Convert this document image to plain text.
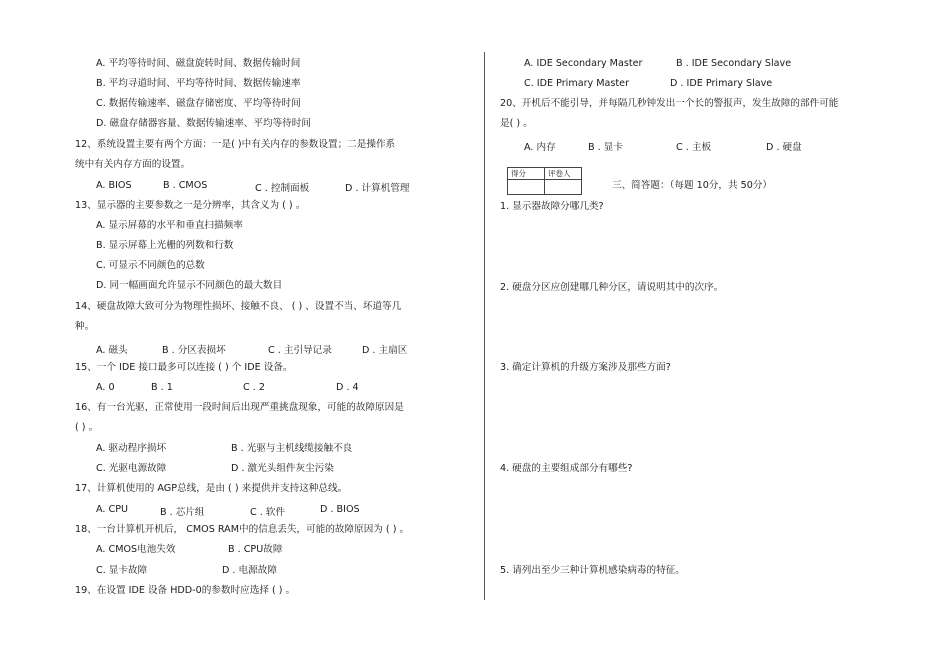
A. 平均等待时间、磁盘旋转时间、数据传输时间
B. 平均寻道时间、平均等待时间、数据传输速率
C. 数据传输速率、磁盘存储密度、平均等待时间
D. 磁盘存储器容量、数据传输速率、平均等待时间
12、系统设置主要有两个方面：一是( )中有关内存的参数设置；二是操作系
统中有关内存方面的设置。
A. BIOS	B . CMOS	C . 控制面板	D . 计算机管理
13、显示器的主要参数之一是分辨率，其含义为 ( ) 。
A. 显示屏幕的水平和垂直扫描频率
B. 显示屏幕上光栅的列数和行数
C. 可显示不同颜色的总数
D. 同一幅画面允许显示不同颜色的最大数目
14、硬盘故障大致可分为物理性损坏、接触不良、 ( ) 、设置不当、坏道等几
种。
A. 磁头	B . 分区表损坏	C . 主引导记录	D . 主扇区
15、一个 IDE 接口最多可以连接 ( ) 个 IDE 设备。
A. 0	B . 1	C . 2	D . 4
16、有一台光驱，正常使用一段时间后出现严重挑盘现象，可能的故障原因是
( ) 。
A. 驱动程序损坏	B . 光驱与主机线缆接触不良
C. 光驱电源故障	D . 激光头组件灰尘污染
17、计算机使用的 AGP总线，是由 ( ) 来提供并支持这种总线。
A. CPU	B . 芯片组	C . 软件	D . BIOS
18、一台计算机开机后， CMOS RAM中的信息丢失，可能的故障原因为 ( ) 。
A. CMOS电池失效	B . CPU故障
C. 显卡故障	D . 电源故障
19、在设置 IDE 设备 HDD-0的参数时应选择 ( ) 。
A. IDE Secondary Master	B . IDE Secondary Slave
C. IDE Primary Master	D . IDE Primary Slave
20、开机后不能引导，并每隔几秒钟发出一个长的警报声，发生故障的部件可能
是( ) 。
A. 内存	B . 显卡	C . 主板	D . 硬盘
得分	评卷人

三、简答题：（每题 10分，共 50分）
1. 显示器故障分哪几类?
2. 硬盘分区应创建哪几种分区，请说明其中的次序。
3. 确定计算机的升级方案涉及那些方面?
4. 硬盘的主要组成部分有哪些?
5. 请列出至少三种计算机感染病毒的特征。
